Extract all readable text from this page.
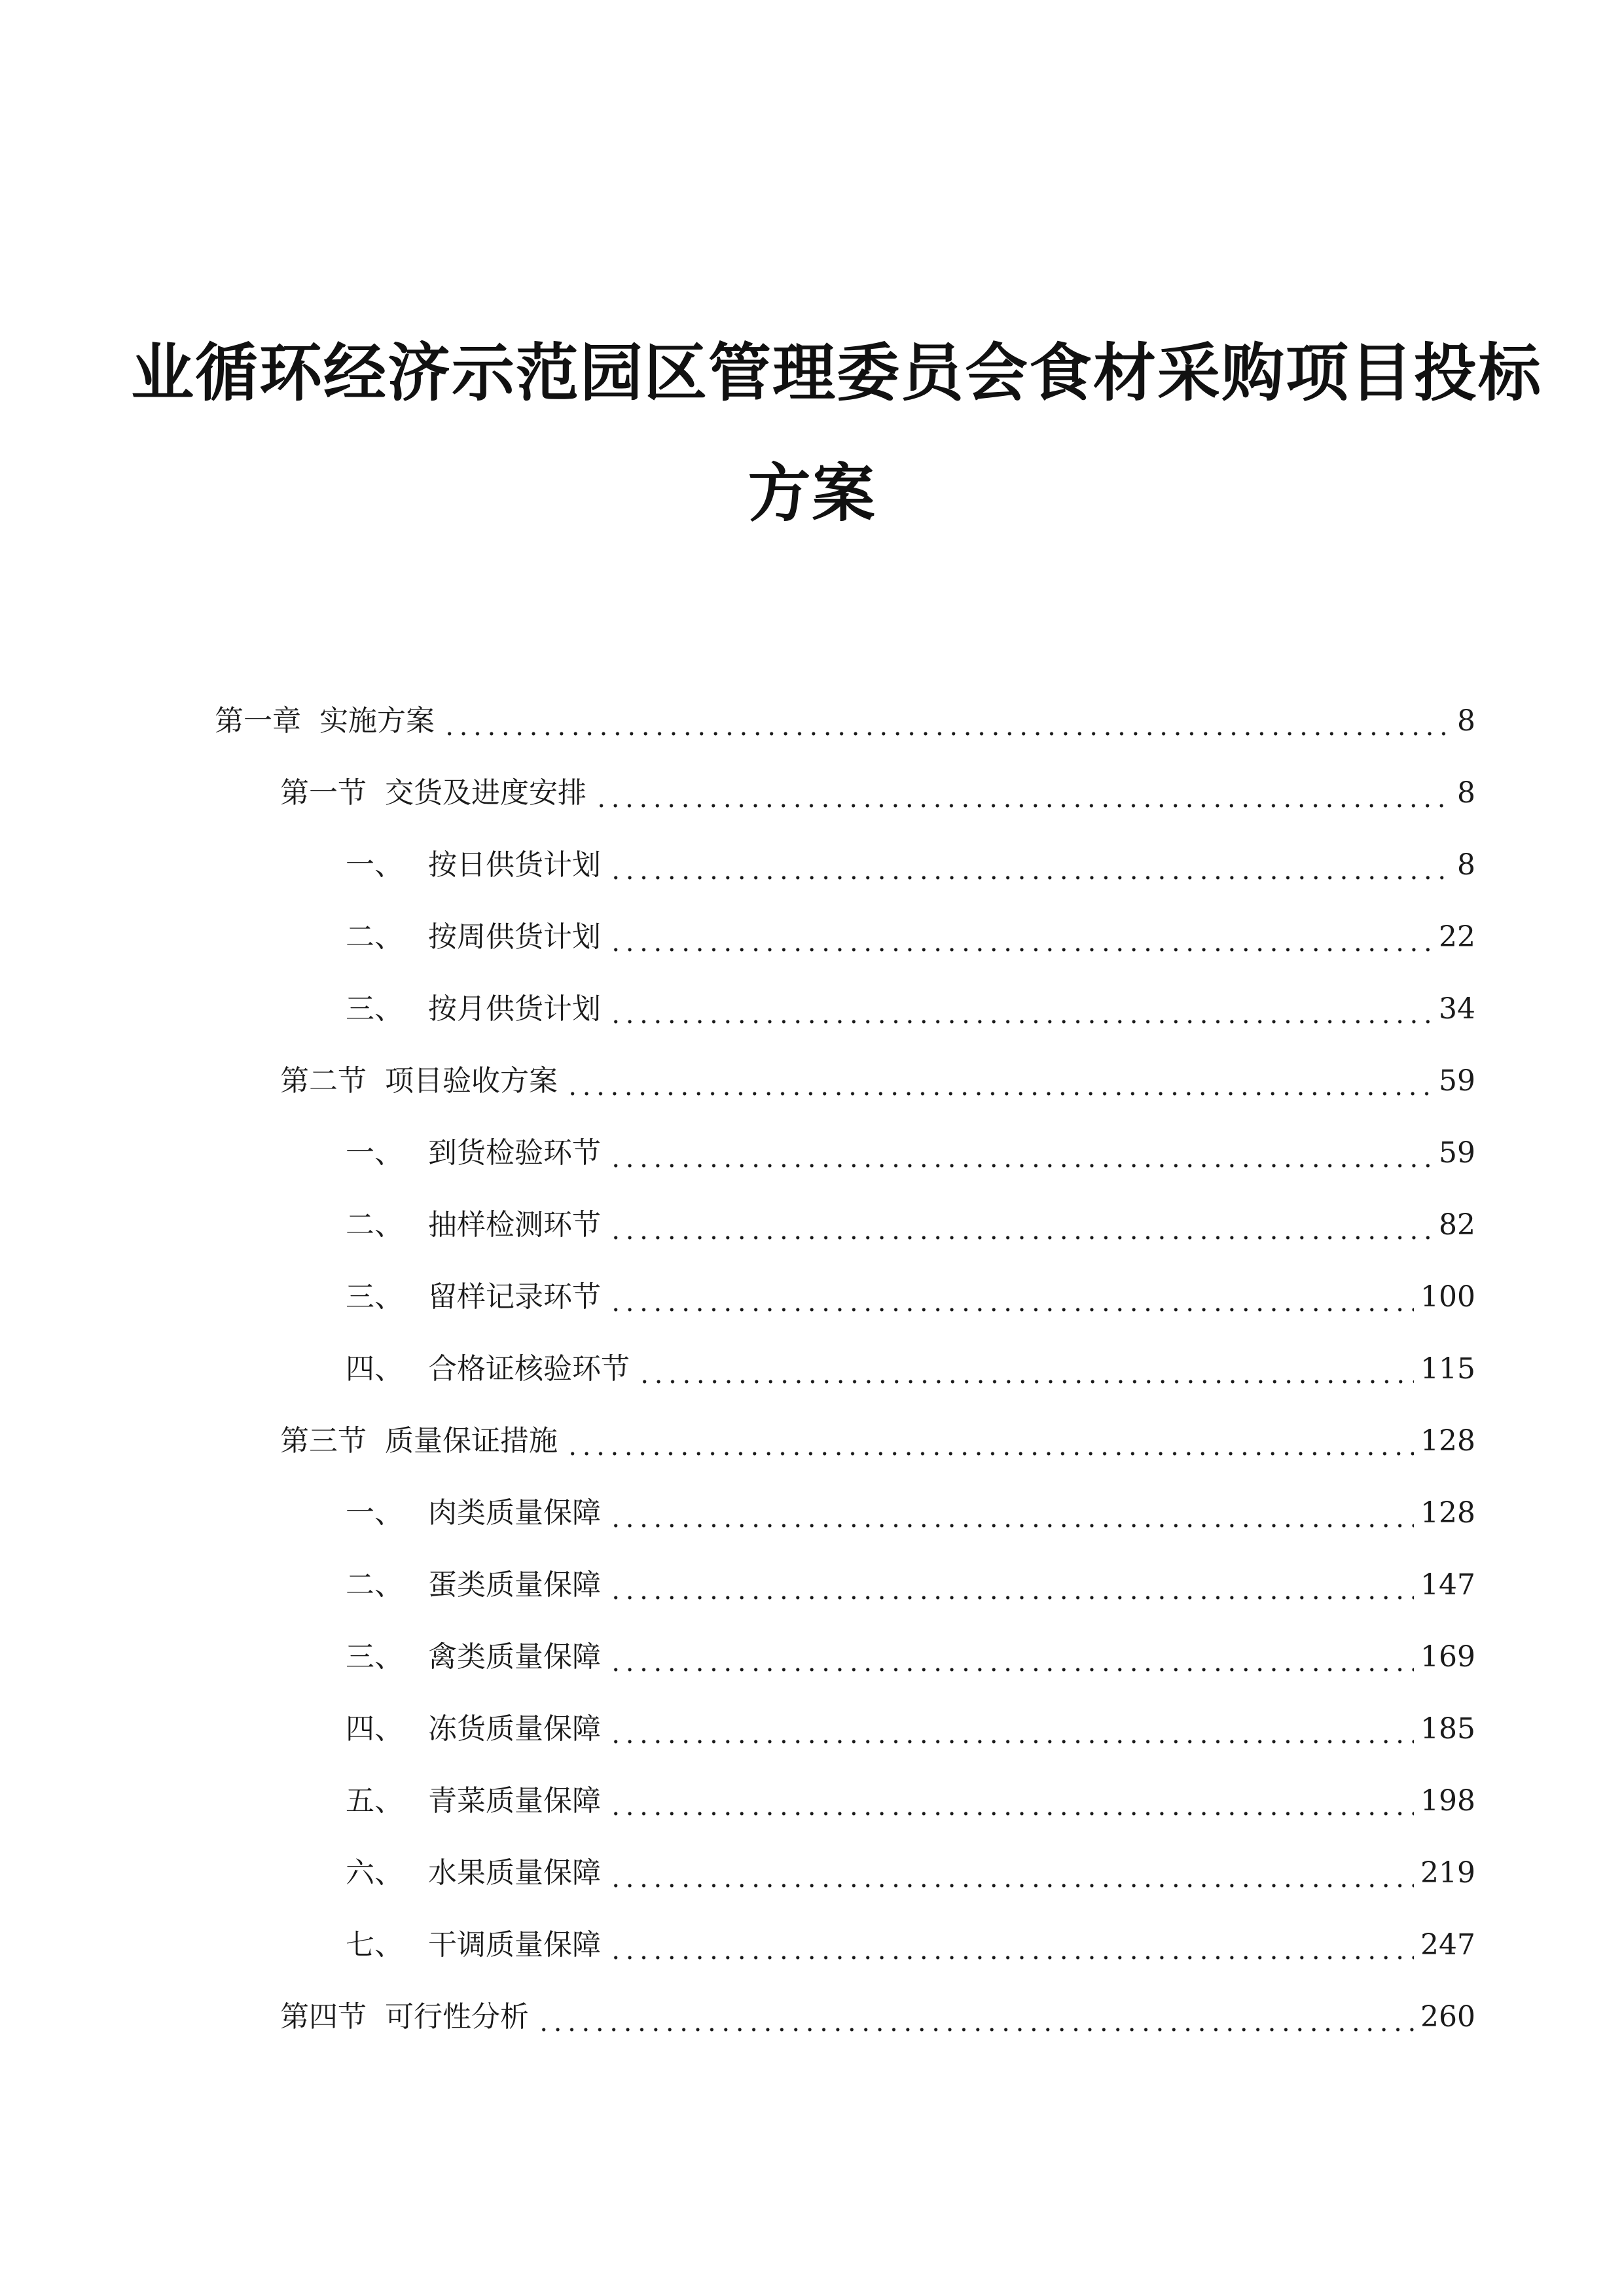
业循环经济示范园区管理委员会食材采购项目投标
方案
第一章 实施方案	8
第一节 交货及进度安排	8
一、 按日供货计划	8
二、 按周供货计划	22
三、 按月供货计划	34
第二节 项目验收方案	59
一、 到货检验环节	59
二、 抽样检测环节	82
三、 留样记录环节	100
四、 合格证核验环节	115
第三节 质量保证措施	128
一、 肉类质量保障	128
二、 蛋类质量保障	147
三、 禽类质量保障	169
四、 冻货质量保障	185
五、 青菜质量保障	198
六、 水果质量保障	219
七、 干调质量保障	247
第四节 可行性分析	260
